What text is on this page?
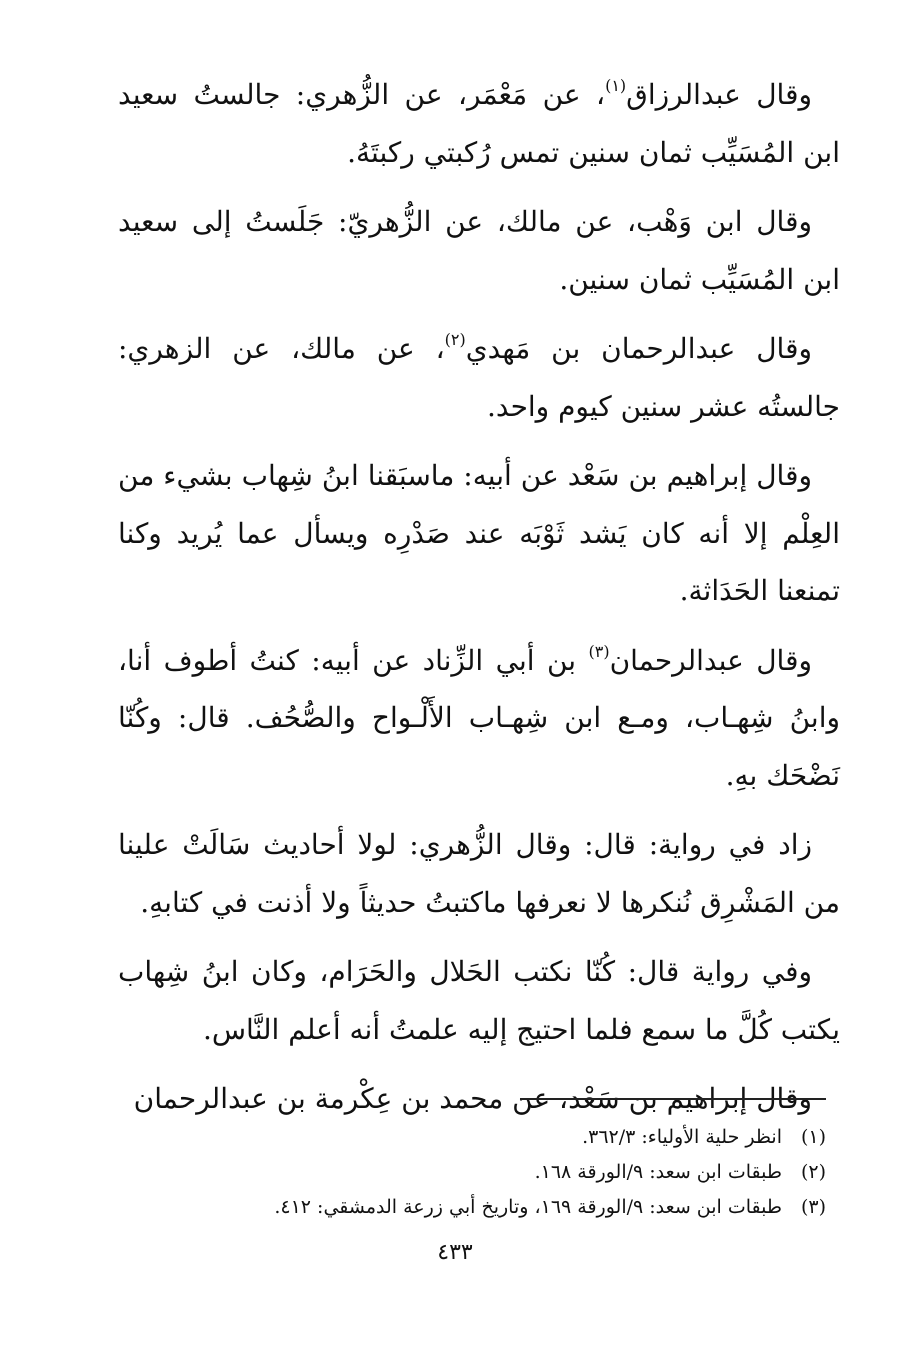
وقال عبدالرزاق$^{(١)}$، عن مَعْمَر، عن الزُّهري: جالستُ سعيد ابن المُسَيِّب ثمان سنين تمس رُكبتي ركبتَهُ.

وقال ابن وَهْب، عن مالك، عن الزُّهريّ: جَلَستُ إلى سعيد ابن المُسَيِّب ثمان سنين.

وقال عبدالرحمان بن مَهدي$^{(٢)}$، عن مالك، عن الزهري: جالستُه عشر سنين كيوم واحد.

وقال إبراهيم بن سَعْد عن أبيه: ماسبَقنا ابنُ شِهاب بشيء من العِلْم إلا أنه كان يَشد ثَوْبَه عند صَدْرِه ويسأل عما يُريد وكنا تمنعنا الحَدَاثة.

وقال عبدالرحمان$^{(٣)}$ بن أبي الزِّناد عن أبيه: كنتُ أطوف أنا، وابنُ شِهـاب، ومـع ابن شِهـاب الأَلْـواح والصُّحُف. قال: وكُنّا نَضْحَك بهِ.

زاد في رواية: قال: وقال الزُّهري: لولا أحاديث سَالَتْ علينا من المَشْرِق نُنكرها لا نعرفها ماكتبتُ حديثاً ولا أذنت في كتابهِ.

وفي رواية قال: كُنّا نكتب الحَلال والحَرَام، وكان ابنُ شِهاب يكتب كُلَّ ما سمع فلما احتيج إليه علمتُ أنه أعلم النَّاس.

وقال إبراهيم بن سَعْد، عن محمد بن عِكْرمة بن عبدالرحمان

(١)
انظر حلية الأولياء: ٣٦٢/٣.
(٢)
طبقات ابن سعد: ٩/الورقة ١٦٨.
(٣)
طبقات ابن سعد: ٩/الورقة ١٦٩، وتاريخ أبي زرعة الدمشقي: ٤١٢.
٤٣٣
